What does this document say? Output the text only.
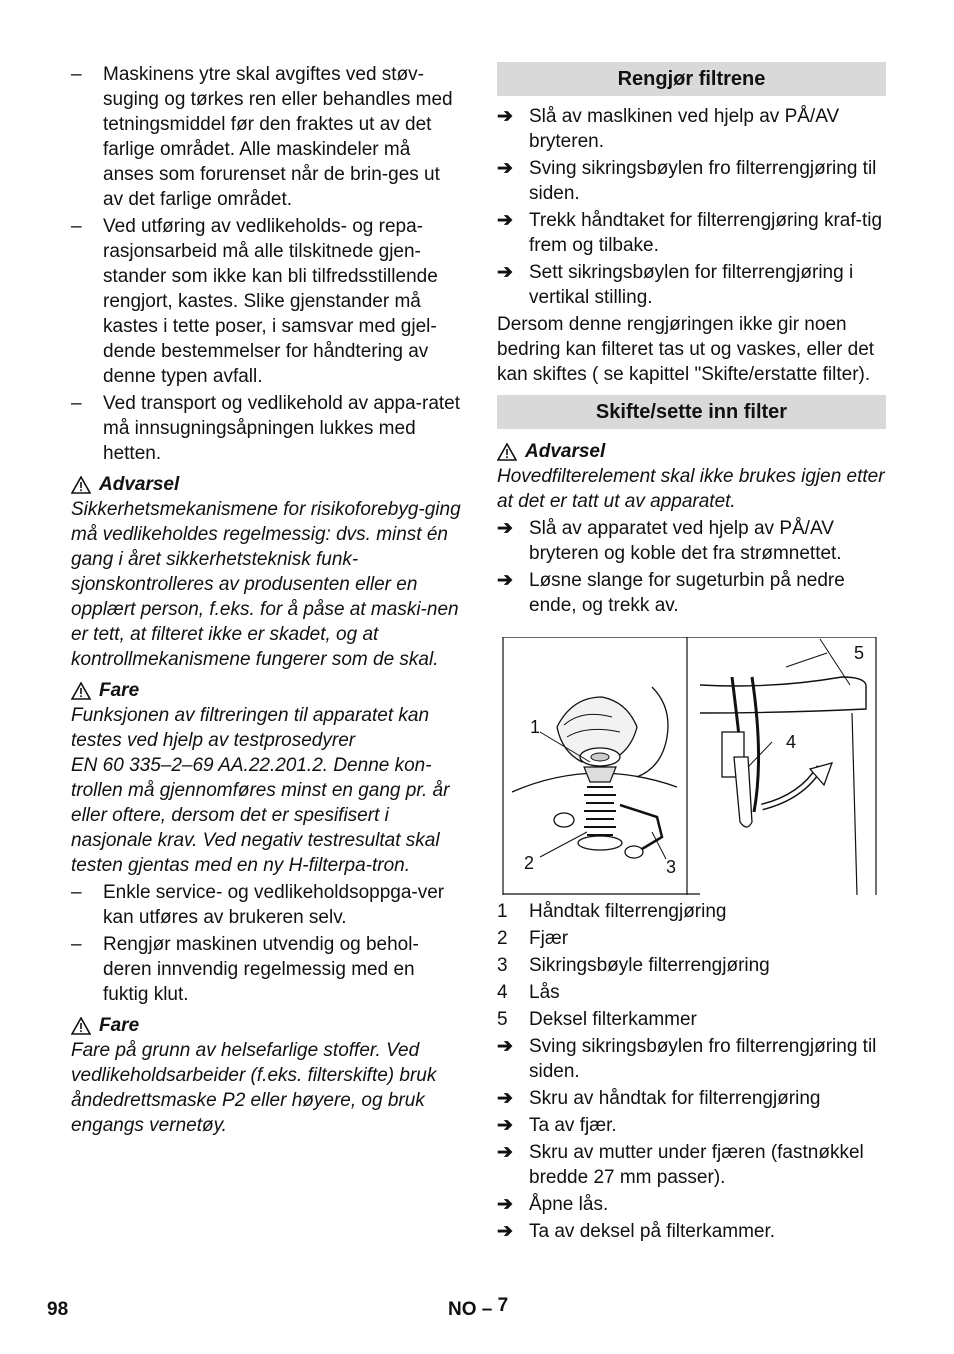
–	Maskinens ytre skal avgiftes ved støv-suging og tørkes ren eller behandles med tetningsmiddel før den fraktes ut av det farlige området. Alle maskindeler må anses som forurenset når de brin-ges ut av det farlige området.
–	Ved utføring av vedlikeholds- og repa-rasjonsarbeid må alle tilskitnede gjen-stander som ikke kan bli tilfredsstillende rengjort, kastes. Slike gjenstander må kastes i tette poser, i samsvar med gjel-dende bestemmelser for håndtering av denne typen avfall.
–	Ved transport og vedlikehold av appa-ratet må innsugningsåpningen lukkes med hetten.
Advarsel
Sikkerhetsmekanismene for risikoforebyg-ging må vedlikeholdes regelmessig: dvs. minst én gang i året sikkerhetsteknisk funk-sjonskontrolleres av produsenten eller en opplært person, f.eks. for å påse at maski-nen er tett, at filteret ikke er skadet, og at kontrollmekanismene fungerer som de skal.
Fare
Funksjonen av filtreringen til apparatet kan testes ved hjelp av testprosedyrer
EN 60 335–2–69 AA.22.201.2. Denne kon-trollen må gjennomføres minst en gang pr. år eller oftere, dersom det er spesifisert i nasjonale krav. Ved negativ testresultat skal testen gjentas med en ny H-filterpa-tron.
–	Enkle service- og vedlikeholdsoppga-ver kan utføres av brukeren selv.
–	Rengjør maskinen utvendig og behol-deren innvendig regelmessig med en fuktig klut.
Fare
Fare på grunn av helsefarlige stoffer. Ved vedlikeholdsarbeider (f.eks. filterskifte) bruk åndedrettsmaske P2 eller høyere, og bruk engangs vernetøy.
Rengjør filtrene
➔ Slå av maslkinen ved hjelp av PÅ/AV bryteren.
➔ Sving sikringsbøylen fro filterrengjøring til siden.
➔ Trekk håndtaket for filterrengjøring kraf-tig frem og tilbake.
➔ Sett sikringsbøylen for filterrengjøring i vertikal stilling.
Dersom denne rengjøringen ikke gir noen bedring kan filteret tas ut og vaskes, eller det kan skiftes ( se kapittel "Skifte/erstatte filter).
Skifte/sette inn filter
Advarsel
Hovedfilterelement skal ikke brukes igjen etter at det er tatt ut av apparatet.
➔ Slå av apparatet ved hjelp av PÅ/AV bryteren og koble det fra strømnettet.
➔ Løsne slange for sugeturbin på nedre ende, og trekk av.
1
2	3
5
4
1 Håndtak filterrengjøring
2 Fjær
3 Sikringsbøyle filterrengjøring
4 Lås
5 Deksel filterkammer
➔ Sving sikringsbøylen fro filterrengjøring til siden.
➔ Skru av håndtak for filterrengjøring
➔ Ta av fjær.
➔ Skru av mutter under fjæren (fastnøkkel bredde 27 mm passer).
➔ Åpne lås.
➔ Ta av deksel på filterkammer.
98	NO – 7
